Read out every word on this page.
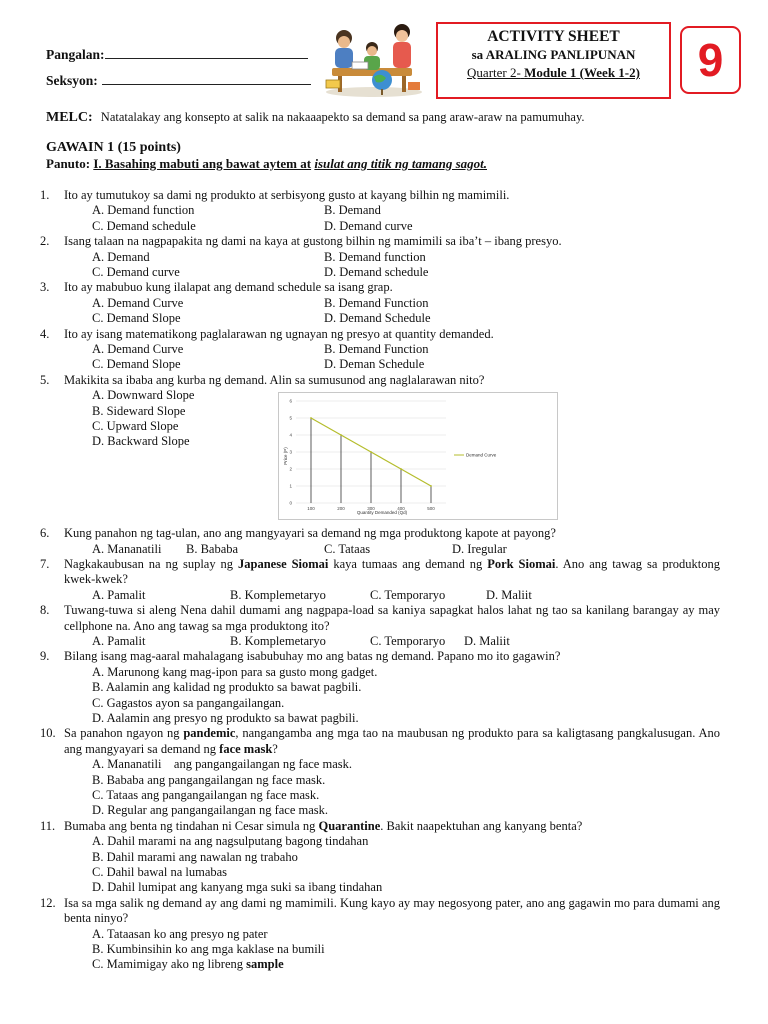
Pangalan:
Seksyon:
ACTIVITY SHEET
sa ARALING PANLIPUNAN
Quarter 2- Module 1 (Week 1-2)	9
MELC: Natatalakay ang konsepto at salik na nakaaapekto sa demand sa pang araw-araw na pamumuhay.
GAWAIN 1 (15 points)
Panuto: I. Basahing mabuti ang bawat aytem at isulat ang titik ng tamang sagot.
1.	Ito ay tumutukoy sa dami ng produkto at serbisyong gusto at kayang bilhin ng mamimili.
A. Demand function	B. Demand
C. Demand schedule	D. Demand curve
2.	Isang talaan na nagpapakita ng dami na kaya at gustong bilhin ng mamimili sa iba’t – ibang presyo.
A. Demand	B. Demand function
C. Demand curve	D. Demand schedule
3.	Ito ay mabubuo kung ilalapat ang demand schedule sa isang grap.
A. Demand Curve	B. Demand Function
C. Demand Slope	D. Demand Schedule
4.	Ito ay isang matematikong paglalarawan ng ugnayan ng presyo at quantity demanded.
A. Demand Curve	B. Demand Function
C. Demand Slope	D. Deman Schedule
5.	Makikita sa ibaba ang kurba ng demand. Alin sa sumusunod ang naglalarawan nito?
A. Downward Slope
B. Sideward Slope
C. Upward Slope
D. Backward Slope
0
1
2
3
4
5
6
100	200	300	400	500
Price (P)
Quantity Demanded (Qd)
Demand Curve
6.	Kung panahon ng tag-ulan, ano ang mangyayari sa demand ng mga produktong kapote at payong?
A. Mananatili B. Bababa	C. Tataas	D. Iregular
7.	Nagkakaubusan na ng suplay ng Japanese Siomai kaya tumaas ang demand ng Pork Siomai. Ano ang tawag sa produktong kwek-kwek?
A. Pamalit	B. Komplemetaryo	C. Temporaryo	D. Maliit
8.	Tuwang-tuwa si aleng Nena dahil dumami ang nagpapa-load sa kaniya sapagkat halos lahat ng tao sa kanilang barangay ay may cellphone na. Ano ang tawag sa mga produktong ito?
A. Pamalit	B. Komplemetaryo	C. Temporaryo D. Maliit
9.	Bilang isang mag-aaral mahalagang isabubuhay mo ang batas ng demand. Papano mo ito gagawin?
A. Marunong kang mag-ipon para sa gusto mong gadget.
B. Aalamin ang kalidad ng produkto sa bawat pagbili.
C. Gagastos ayon sa pangangailangan.
D. Aalamin ang presyo ng produkto sa bawat pagbili.
10. Sa panahon ngayon ng pandemic, nangangamba ang mga tao na maubusan ng produkto para sa kaligtasang pangkalusugan. Ano ang mangyayari sa demand ng face mask?
A. Mananatili    ang pangangailangan ng face mask.
B. Bababa ang pangangailangan ng face mask.
C. Tataas ang pangangailangan ng face mask.
D. Regular ang pangangailangan ng face mask.
11. Bumaba ang benta ng tindahan ni Cesar simula ng Quarantine. Bakit naapektuhan ang kanyang benta?
A. Dahil marami na ang nagsulputang bagong tindahan
B. Dahil marami ang nawalan ng trabaho
C. Dahil bawal na lumabas
D. Dahil lumipat ang kanyang mga suki sa ibang tindahan
12. Isa sa mga salik ng demand ay ang dami ng mamimili. Kung kayo ay may negosyong pater, ano ang gagawin mo para dumami ang benta ninyo?
A. Tataasan ko ang presyo ng pater
B. Kumbinsihin ko ang mga kaklase na bumili
C. Mamimigay ako ng libreng sample
